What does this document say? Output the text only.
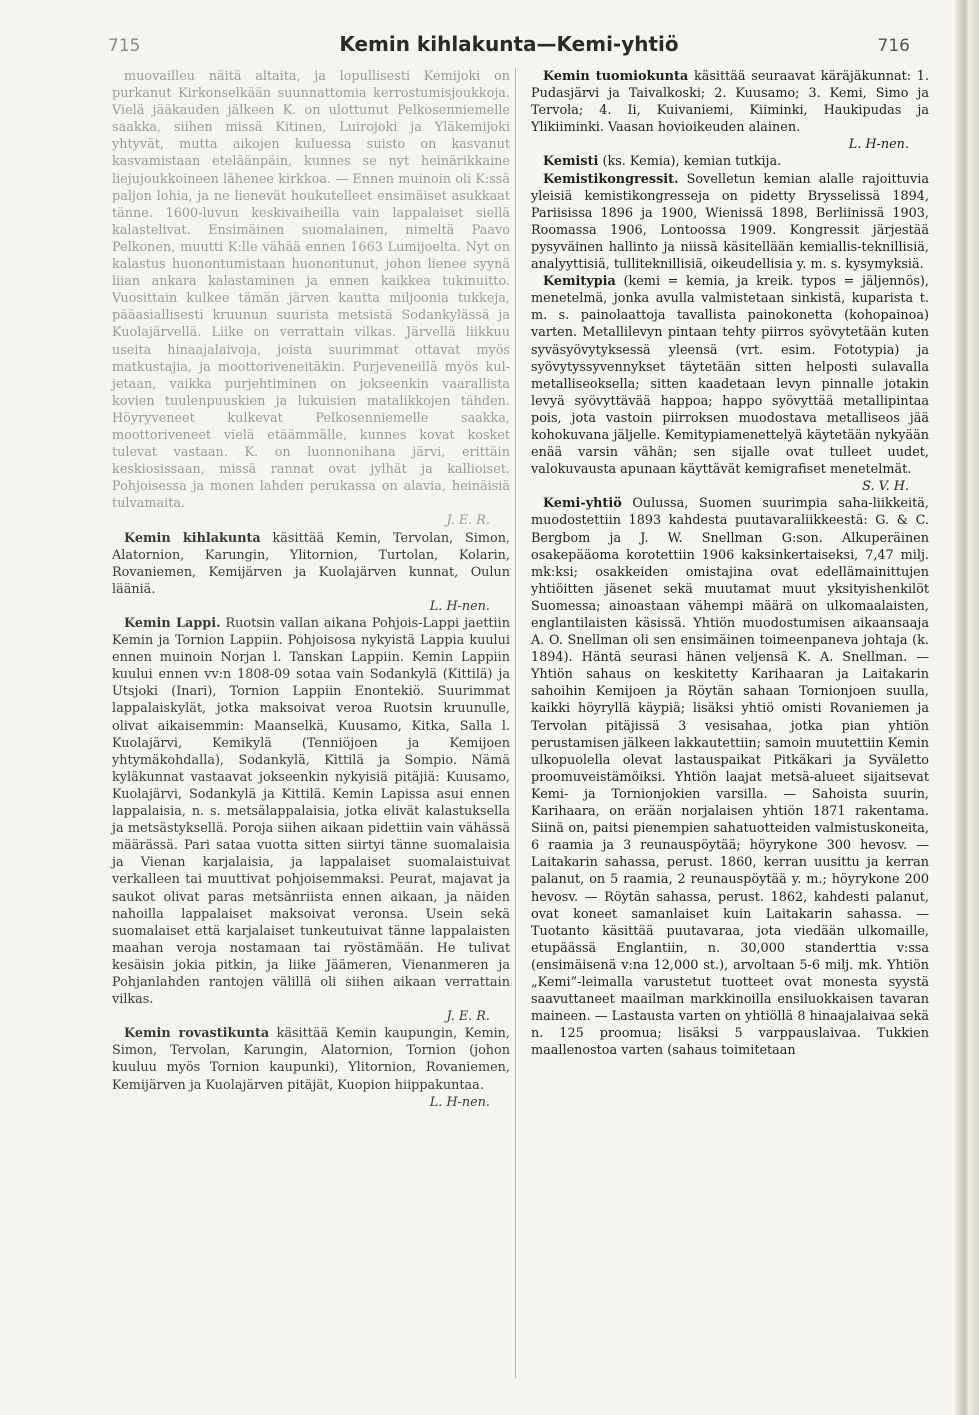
715	Kemin kihlakunta—Kemi-yhtiö	716

muovailleu näitä altaita, ja lopullisesti Kemijoki on purkanut Kirkonselkään suunnattomia kerrostumisjoukkoja. Vielä jääkauden jälkeen K. on ulottunut Pelkosenniemelle saakka, siihen missä Kitinen, Luirojoki ja Yläkemijoki yhtyvät, mutta aikojen kuluessa suisto on kasvanut kasvamistaan eteläänpäin, kunnes se nyt heinärikkaine liejujoukkoineen lähenee kirkkoa. — Ennen muinoin oli K:ssä paljon lohia, ja ne lienevät houkutelleet ensimäiset asukkaat tänne. 1600-luvun keskivaiheilla vain lappalaiset siellä kalastelivat. Ensimäinen suomalainen, nimeltä Paavo Pelkonen, muutti K:lle vähää ennen 1663 Lumijoelta. Nyt on kalastus huonontumistaan huonontunut, johon lienee syynä liian ankara kalastaminen ja ennen kaikkea tukinuitto. Vuosittain kulkee tämän järven kautta miljoonia tukkeja, pääasiallisesti kruunun suurista metsistä Sodankylässä ja Kuolajärvellä. Liike on verrattain vilkas. Järvellä liikkuu useita hinaajalaivoja, joista suurimmat ottavat myös matkustajia, ja moottoriveneitäkin. Purjeveneillä myös kuljetaan, vaikka purjehtiminen on jokseenkin vaarallista kovien tuulenpuuskien ja lukuisien matalikkojen tähden. Höyryveneet kulkevat Pelkosenniemelle saakka, moottoriveneet vielä etäämmälle, kunnes kovat kosket tulevat vastaan. K. on luonnonihana järvi, erittäin keskiosissaan, missä rannat ovat jylhät ja kallioiset. Pohjoisessa ja monen lahden perukassa on alavia, heinäisiä tulvamaita.
J. E. R.

Kemin kihlakunta käsittää Kemin, Tervolan, Simon, Alatornion, Karungin, Ylitornion, Turtolan, Kolarin, Rovaniemen, Kemijärven ja Kuolajärven kunnat, Oulun lääniä.
L. H-nen.

Kemin Lappi. Ruotsin vallan aikana Pohjois-Lappi jaettiin Kemin ja Tornion Lappiin. Pohjoisosa nykyistä Lappia kuului ennen muinoin Norjan l. Tanskan Lappiin. Kemin Lappiin kuului ennen vv:n 1808-09 sotaa vain Sodankylä (Kittilä) ja Utsjoki (Inari), Tornion Lappiin Enontekiö. Suurimmat lappalaiskylät, jotka maksoivat veroa Ruotsin kruunulle, olivat aikaisemmin: Maanselkä, Kuusamo, Kitka, Salla l. Kuolajärvi, Kemikylä (Tenniöjoen ja Kemijoen yhtymäkohdalla), Sodankylä, Kittilä ja Sompio. Nämä kyläkunnat vastaavat jokseenkin nykyisiä pitäjiä: Kuusamo, Kuolajärvi, Sodankylä ja Kittilä. Kemin Lapissa asui ennen lappalaisia, n. s. metsälappalaisia, jotka elivät kalastuksella ja metsästyksellä. Poroja siihen aikaan pidettiin vain vähässä määrässä. Pari sataa vuotta sitten siirtyi tänne suomalaisia ja Vienan karjalaisia, ja lappalaiset suomalaistuivat verkalleen tai muuttivat pohjoisemmaksi. Peurat, majavat ja saukot olivat paras metsänriista ennen aikaan, ja näiden nahoilla lappalaiset maksoivat veronsa. Usein sekä suomalaiset että karjalaiset tunkeutuivat tänne lappalaisten maahan veroja nostamaan tai ryöstämään. He tulivat kesäisin jokia pitkin, ja liike Jäämeren, Vienanmeren ja Pohjanlahden rantojen välillä oli siihen aikaan verrattain vilkas.
J. E. R.

Kemin rovastikunta käsittää Kemin kaupungin, Kemin, Simon, Tervolan, Karungin, Alatornion, Tornion (johon kuuluu myös Tornion kaupunki), Ylitornion, Rovaniemen, Kemijärven ja Kuolajärven pitäjät, Kuopion hiippakuntaa.
L. H-nen.

Kemin tuomiokunta käsittää seuraavat käräjäkunnat: 1. Pudasjärvi ja Taivalkoski; 2. Kuusamo; 3. Kemi, Simo ja Tervola; 4. Ii, Kuivaniemi, Kiiminki, Haukipudas ja Ylikiiminki. Vaasan hovioikeuden alainen.
L. H-nen.

Kemisti (ks. Kemia), kemian tutkija.

Kemistikongressit. Sovelletun kemian alalle rajoittuvia yleisiä kemistikongresseja on pidetty Brysselissä 1894, Pariisissa 1896 ja 1900, Wienissä 1898, Berliinissä 1903, Roomassa 1906, Lontoossa 1909. Kongressit järjestää pysyväinen hallinto ja niissä käsitellään kemiallis-teknillisiä, analyyttisiä, tulliteknillisiä, oikeudellisia y. m. s. kysymyksiä.

Kemitypia (kemi = kemia, ja kreik. typos = jäljennös), menetelmä, jonka avulla valmistetaan sinkistä, kuparista t. m. s. painolaattoja tavallista painokonetta (kohopainoa) varten. Metallilevyn pintaan tehty piirros syövytetään kuten syväsyövytyksessä yleensä (vrt. esim. Fototypia) ja syövytyssyvennykset täytetään sitten helposti sulavalla metalliseoksella; sitten kaadetaan levyn pinnalle jotakin levyä syövyttävää happoa; happo syövyttää metallipintaa pois, jota vastoin piirroksen muodostava metalliseos jää kohokuvana jäljelle. Kemitypiamenettelyä käytetään nykyään enää varsin vähän; sen sijalle ovat tulleet uudet, valokuvausta apunaan käyttävät kemigrafiset menetelmät.
S. V. H.

Kemi-yhtiö Oulussa, Suomen suurimpia saha-liikkeitä, muodostettiin 1893 kahdesta puutavaraliikkeestä: G. & C. Bergbom ja J. W. Snellman G:son. Alkuperäinen osakepääoma korotettiin 1906 kaksinkertaiseksi, 7,47 milj. mk:ksi; osakkeiden omistajina ovat edellämainittujen yhtiöitten jäsenet sekä muutamat muut yksityishenkilöt Suomessa; ainoastaan vähempi määrä on ulkomaalaisten, englantilaisten käsissä. Yhtiön muodostumisen aikaansaaja A. O. Snellman oli sen ensimäinen toimeenpaneva johtaja (k. 1894). Häntä seurasi hänen veljensä K. A. Snellman. —Yhtiön sahaus on keskitetty Karihaaran ja Laitakarin sahoihin Kemijoen ja Röytän sahaan Tornionjoen suulla, kaikki höyryllä käypiä; lisäksi yhtiö omisti Rovaniemen ja Tervolan pitäjissä 3 vesisahaa, jotka pian yhtiön perustamisen jälkeen lakkautettiin; samoin muutettiin Kemin ulkopuolella olevat lastauspaikat Pitkäkari ja Syväletto proomuveistämöiksi. Yhtiön laajat metsä-alueet sijaitsevat Kemi- ja Tornionjokien varsilla. — Sahoista suurin, Karihaara, on erään norjalaisen yhtiön 1871 rakentama. Siinä on, paitsi pienempien sahatuotteiden valmistuskoneita, 6 raamia ja 3 reunauspöytää; höyrykone 300 hevosv. — Laitakarin sahassa, perust. 1860, kerran uusittu ja kerran palanut, on 5 raamia, 2 reunauspöytää y. m.; höyrykone 200 hevosv. — Röytän sahassa, perust. 1862, kahdesti palanut, ovat koneet samanlaiset kuin Laitakarin sahassa. — Tuotanto käsittää puutavaraa, jota viedään ulkomaille, etupäässä Englantiin, n. 30,000 standerttia v:ssa (ensimäisenä v:na 12,000 st.), arvoltaan 5-6 milj. mk. Yhtiön „Kemi”-leimalla varustetut tuotteet ovat monesta syystä saavuttaneet maailman markkinoilla ensiluokkaisen tavaran maineen. — Lastausta varten on yhtiöllä 8 hinaajalaivaa sekä n. 125 proomua; lisäksi 5 varppauslaivaa. Tukkien maallenostoa varten (sahaus toimitetaan
